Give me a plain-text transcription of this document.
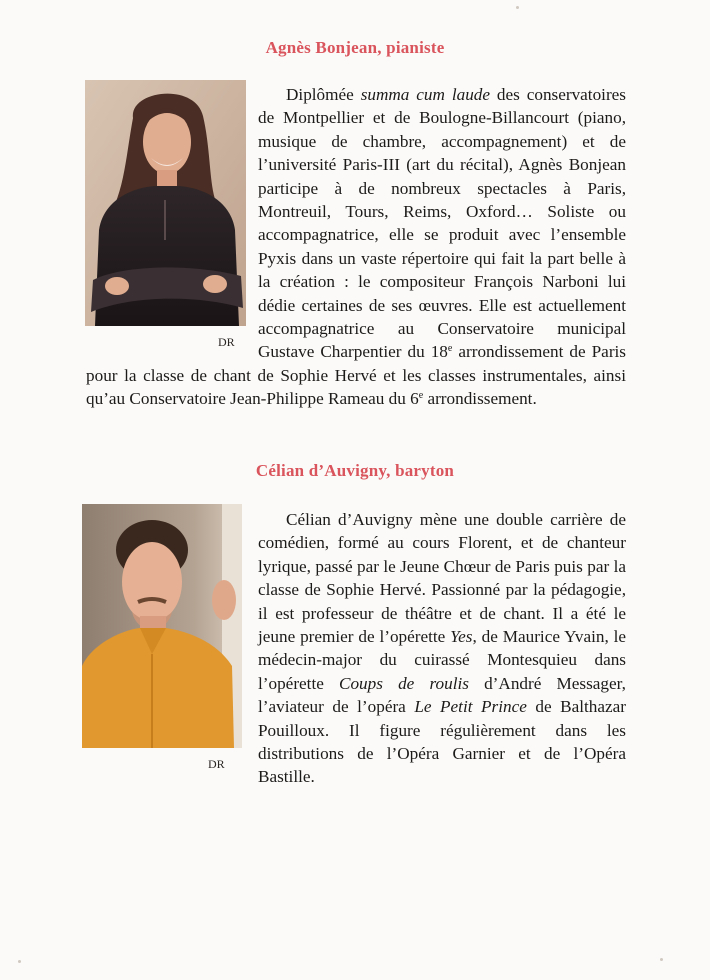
Agnès Bonjean, pianiste
DR

Diplômée summa cum laude des conservatoires de Montpellier et de Boulogne-Billancourt (piano, musique de chambre, accompagnement) et de l’université Paris-III (art du récital), Agnès Bonjean participe à de nombreux spectacles à Paris, Montreuil, Tours, Reims, Oxford… Soliste ou accompagnatrice, elle se produit avec l’ensemble Pyxis dans un vaste répertoire qui fait la part belle à la création : le compositeur François Narboni lui dédie certaines de ses œuvres. Elle est actuellement accompagnatrice au Conservatoire municipal Gustave Charpentier du 18e arrondissement de Paris pour la classe de chant de Sophie Hervé et les classes instrumentales, ainsi qu’au Conservatoire Jean-Philippe Rameau du 6e arrondissement.

Célian d’Auvigny, baryton
DR

Célian d’Auvigny mène une double carrière de comédien, formé au cours Florent, et de chanteur lyrique, passé par le Jeune Chœur de Paris puis par la classe de Sophie Hervé. Passionné par la pédagogie, il est professeur de théâtre et de chant. Il a été le jeune premier de l’opérette Yes, de Maurice Yvain, le médecin-major du cuirassé Montesquieu dans l’opérette Coups de roulis d’André Messager, l’aviateur de l’opéra Le Petit Prince de Balthazar Pouilloux. Il figure régulièrement dans les distributions de l’Opéra Garnier et de l’Opéra Bastille.
